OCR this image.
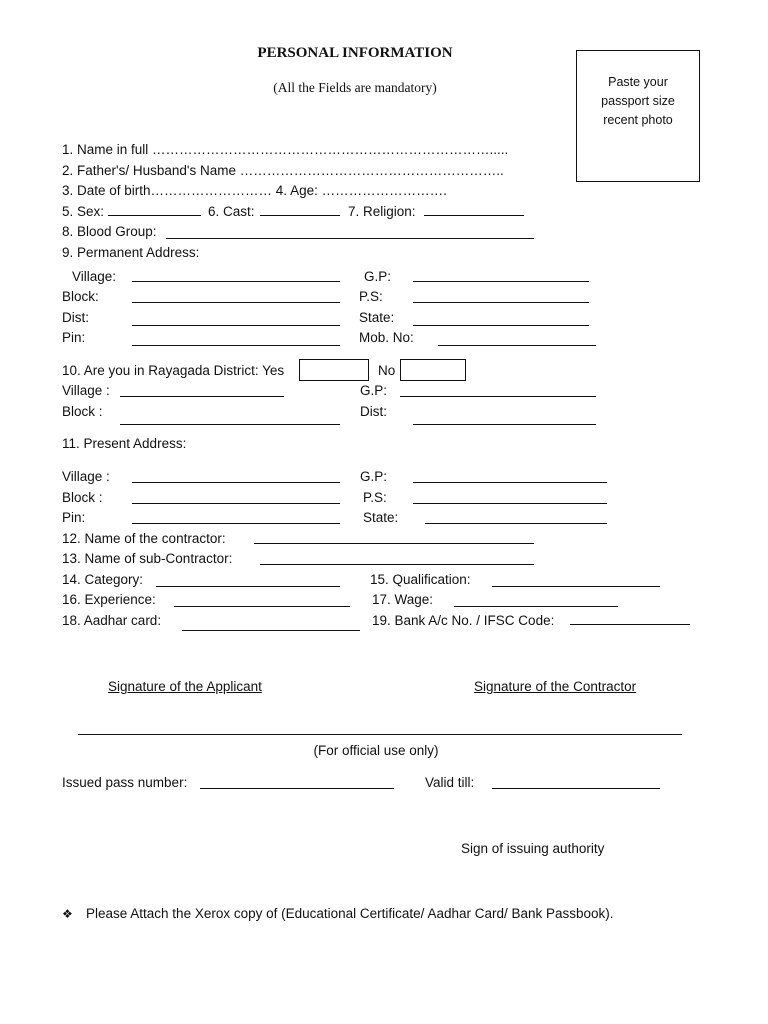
PERSONAL INFORMATION
(All the Fields are mandatory)	Paste your passport size recent photo
1. Name in full ………………………………………………………………….....
2. Father's/ Husband's Name …………………………………………………..
3. Date of birth……………………… 4. Age: ……………………….
5. Sex:	6. Cast:	7. Religion:
8. Blood Group:
9. Permanent Address:
Village:	G.P:
Block:	P.S:
Dist:	State:
Pin:	Mob. No:
10. Are you in Rayagada District: Yes	No
Village :	G.P:
Block :	Dist:
11. Present Address:
Village :	G.P:
Block :	P.S:
Pin:	State:
12. Name of the contractor:
13. Name of sub-Contractor:
14. Category:	15. Qualification:
16. Experience:	17. Wage:
18. Aadhar card:	19. Bank A/c No. / IFSC Code:
Signature of the Applicant	Signature of the Contractor
(For official use only)
Issued pass number:	Valid till:
Sign of issuing authority
❖ Please Attach the Xerox copy of (Educational Certificate/ Aadhar Card/ Bank Passbook).
